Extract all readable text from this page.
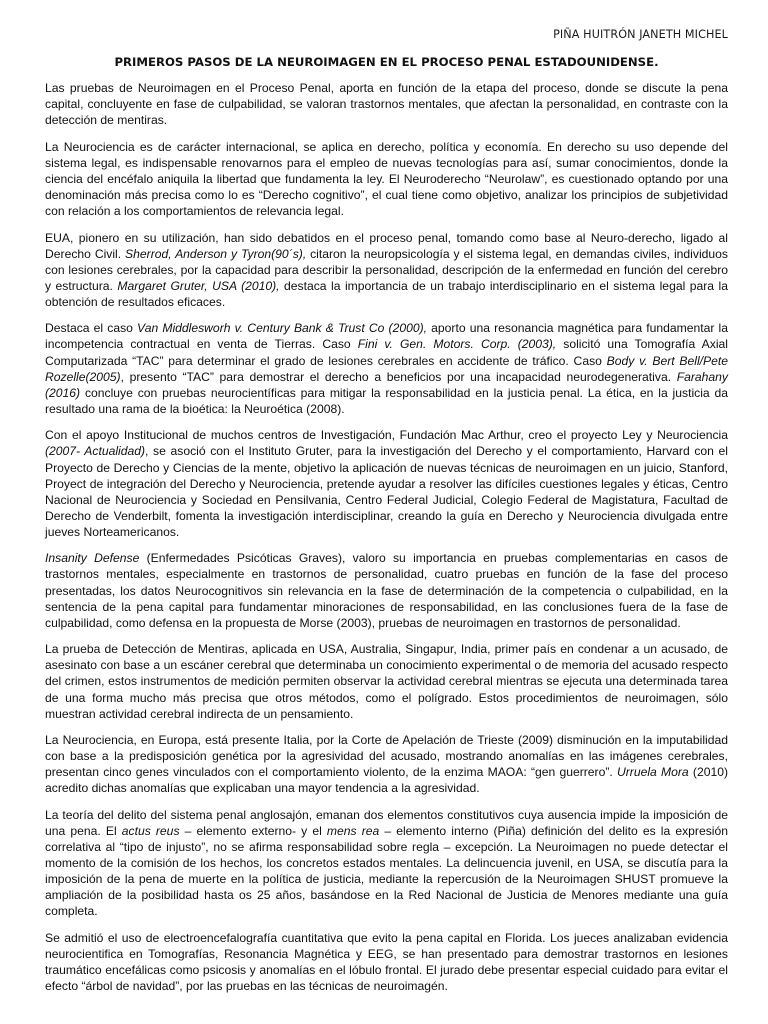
PIÑA HUITRÓN JANETH MICHEL
PRIMEROS PASOS DE LA NEUROIMAGEN EN EL PROCESO PENAL ESTADOUNIDENSE.

Las pruebas de Neuroimagen en el Proceso Penal, aporta en función de la etapa del proceso, donde se discute la pena capital, concluyente en fase de culpabilidad, se valoran trastornos mentales, que afectan la personalidad, en contraste con la detección de mentiras.

La Neurociencia es de carácter internacional, se aplica en derecho, política y economía. En derecho su uso depende del sistema legal, es indispensable renovarnos para el empleo de nuevas tecnologías para así, sumar conocimientos, donde la ciencia del encéfalo aniquila la libertad que fundamenta la ley. El Neuroderecho “Neurolaw”, es cuestionado optando por una denominación más precisa como lo es “Derecho cognitivo”, el cual tiene como objetivo, analizar los principios de subjetividad con relación a los comportamientos de relevancia legal.

EUA, pionero en su utilización, han sido debatidos en el proceso penal, tomando como base al Neuro-derecho, ligado al Derecho Civil. Sherrod, Anderson y Tyron(90´s), citaron la neuropsicología y el sistema legal, en demandas civiles, individuos con lesiones cerebrales, por la capacidad para describir la personalidad, descripción de la enfermedad en función del cerebro y estructura. Margaret Gruter, USA (2010), destaca la importancia de un trabajo interdisciplinario en el sistema legal para la obtención de resultados eficaces.

Destaca el caso Van Middlesworh v. Century Bank & Trust Co (2000), aporto una resonancia magnética para fundamentar la incompetencia contractual en venta de Tierras. Caso Fini v. Gen. Motors. Corp. (2003), solicitó una Tomografía Axial Computarizada “TAC” para determinar el grado de lesiones cerebrales en accidente de tráfico. Caso Body v. Bert Bell/Pete Rozelle(2005), presento “TAC” para demostrar el derecho a beneficios por una incapacidad neurodegenerativa. Farahany (2016) concluye con pruebas neurocientíficas para mitigar la responsabilidad en la justicia penal. La ética, en la justicia da resultado una rama de la bioética: la Neuroética (2008).

Con el apoyo Institucional de muchos centros de Investigación, Fundación Mac Arthur, creo el proyecto Ley y Neurociencia (2007- Actualidad), se asoció con el Instituto Gruter, para la investigación del Derecho y el comportamiento, Harvard con el Proyecto de Derecho y Ciencias de la mente, objetivo la aplicación de nuevas técnicas de neuroimagen en un juicio, Stanford, Proyect de integración del Derecho y Neurociencia, pretende ayudar a resolver las difíciles cuestiones legales y éticas, Centro Nacional de Neurociencia y Sociedad en Pensilvania, Centro Federal Judicial, Colegio Federal de Magistatura, Facultad de Derecho de Venderbilt, fomenta la investigación interdisciplinar, creando la guía en Derecho y Neurociencia divulgada entre jueves Norteamericanos.

Insanity Defense (Enfermedades Psicóticas Graves), valoro su importancia en pruebas complementarias en casos de trastornos mentales, especialmente en trastornos de personalidad, cuatro pruebas en función de la fase del proceso presentadas, los datos Neurocognitivos sin relevancia en la fase de determinación de la competencia o culpabilidad, en la sentencia de la pena capital para fundamentar minoraciones de responsabilidad, en las conclusiones fuera de la fase de culpabilidad, como defensa en la propuesta de Morse (2003), pruebas de neuroimagen en trastornos de personalidad.

La prueba de Detección de Mentiras, aplicada en USA, Australia, Singapur, India, primer país en condenar a un acusado, de asesinato con base a un escáner cerebral que determinaba un conocimiento experimental o de memoria del acusado respecto del crimen, estos instrumentos de medición permiten observar la actividad cerebral mientras se ejecuta una determinada tarea de una forma mucho más precisa que otros métodos, como el polígrado. Estos procedimientos de neuroimagen, sólo muestran actividad cerebral indirecta de un pensamiento.

La Neurociencia, en Europa, está presente Italia, por la Corte de Apelación de Trieste (2009) disminución en la imputabilidad con base a la predisposición genética por la agresividad del acusado, mostrando anomalías en las imágenes cerebrales, presentan cinco genes vinculados con el comportamiento violento, de la enzima MAOA: “gen guerrero”. Urruela Mora (2010) acredito dichas anomalías que explicaban una mayor tendencia a la agresividad.

La teoría del delito del sistema penal anglosajón, emanan dos elementos constitutivos cuya ausencia impide la imposición de una pena. El actus reus – elemento externo- y el mens rea – elemento interno (Piña) definición del delito es la expresión correlativa al “tipo de injusto”, no se afirma responsabilidad sobre regla – excepción. La Neuroimagen no puede detectar el momento de la comisión de los hechos, los concretos estados mentales. La delincuencia juvenil, en USA, se discutía para la imposición de la pena de muerte en la política de justicia, mediante la repercusión de la Neuroimagen SHUST promueve la ampliación de la posibilidad hasta os 25 años, basándose en la Red Nacional de Justicia de Menores mediante una guía completa.

Se admitió el uso de electroencefalografía cuantitativa que evito la pena capital en Florida. Los jueces analizaban evidencia neurocientifica en Tomografías, Resonancia Magnética y EEG, se han presentado para demostrar trastornos en lesiones traumático encefálicas como psicosis y anomalías en el lóbulo frontal. El jurado debe presentar especial cuidado para evitar el efecto “árbol de navidad”, por las pruebas en las técnicas de neuroimagén.
